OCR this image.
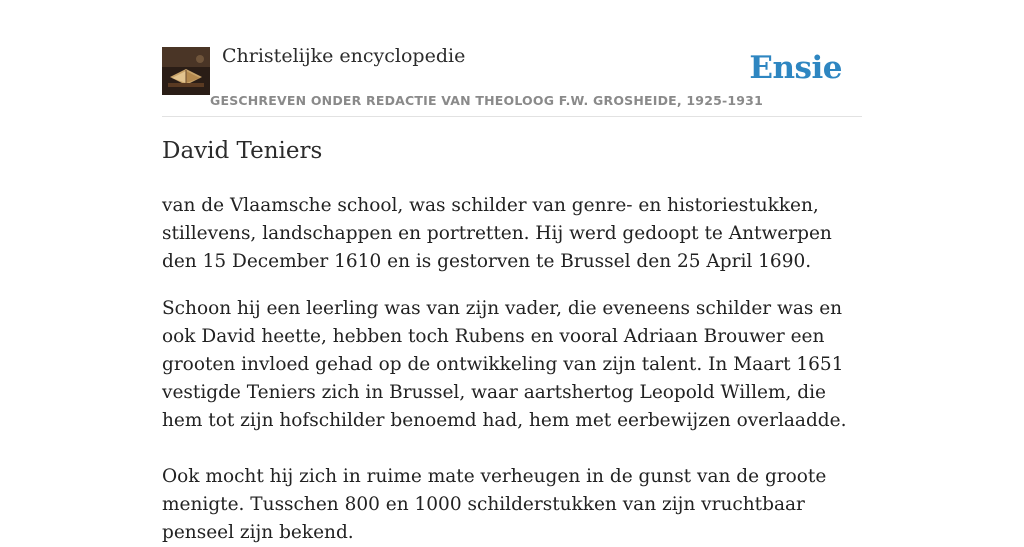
Christelijke encyclopedie
GESCHREVEN ONDER REDACTIE VAN THEOLOOG F.W. GROSHEIDE, 1925-1931
Ensie
David Teniers

van de Vlaamsche school, was schilder van genre- en historiestukken, stillevens, landschappen en portretten. Hij werd gedoopt te Antwerpen den 15 December 1610 en is gestorven te Brussel den 25 April 1690.

Schoon hij een leerling was van zijn vader, die eveneens schilder was en ook David heette, hebben toch Rubens en vooral Adriaan Brouwer een grooten invloed gehad op de ontwikkeling van zijn talent. In Maart 1651 vestigde Teniers zich in Brussel, waar aartshertog Leopold Willem, die hem tot zijn hofschilder benoemd had, hem met eerbewijzen overlaadde.

Ook mocht hij zich in ruime mate verheugen in de gunst van de groote menigte. Tusschen 800 en 1000 schilderstukken van zijn vruchtbaar penseel zijn bekend.
